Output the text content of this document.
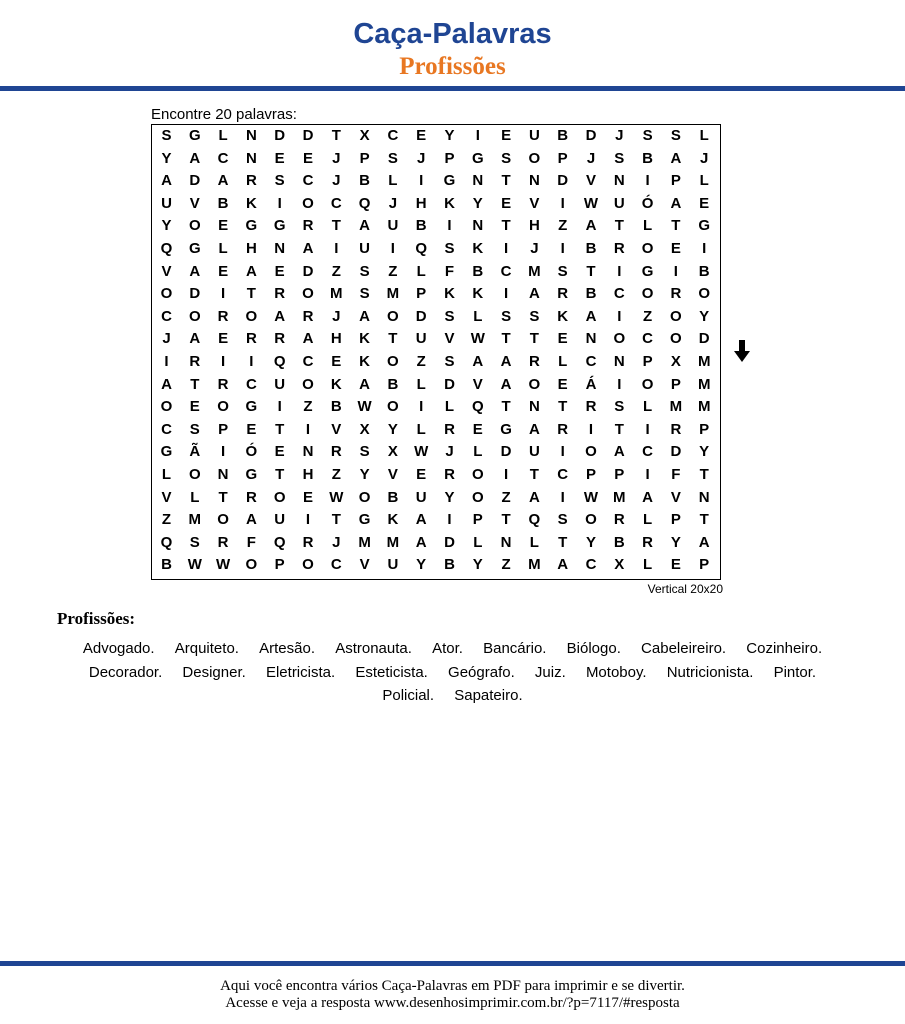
Caça-Palavras
Profissões
Encontre 20 palavras:
S	G	L	N	D	D	T	X	C	E	Y	I	E	U	B	D	J	S	S	L
Y	A	C	N	E	E	J	P	S	J	P	G	S	O	P	J	S	B	A	J
A	D	A	R	S	C	J	B	L	I	G	N	T	N	D	V	N	I	P	L
U	V	B	K	I	O	C	Q	J	H	K	Y	E	V	I	W	U	Ó	A	E
Y	O	E	G	G	R	T	A	U	B	I	N	T	H	Z	A	T	L	T	G
Q	G	L	H	N	A	I	U	I	Q	S	K	I	J	I	B	R	O	E	I
V	A	E	A	E	D	Z	S	Z	L	F	B	C	M	S	T	I	G	I	B
O	D	I	T	R	O	M	S	M	P	K	K	I	A	R	B	C	O	R	O
C	O	R	O	A	R	J	A	O	D	S	L	S	S	K	A	I	Z	O	Y
J	A	E	R	R	A	H	K	T	U	V	W	T	T	E	N	O	C	O	D
I	R	I	I	Q	C	E	K	O	Z	S	A	A	R	L	C	N	P	X	M
A	T	R	C	U	O	K	A	B	L	D	V	A	O	E	Á	I	O	P	M
O	E	O	G	I	Z	B	W	O	I	L	Q	T	N	T	R	S	L	M	M
C	S	P	E	T	I	V	X	Y	L	R	E	G	A	R	I	T	I	R	P
G	Ã	I	Ó	E	N	R	S	X	W	J	L	D	U	I	O	A	C	D	Y
L	O	N	G	T	H	Z	Y	V	E	R	O	I	T	C	P	P	I	F	T
V	L	T	R	O	E	W	O	B	U	Y	O	Z	A	I	W M	A	V	N
Z	M	O	A	U	I	T	G	K	A	I	P	T	Q	S	O	R	L	P	T
Q	S	R	F	Q	R	J	M	M	A	D	L	N	L	T	Y	B	R	Y	A
B	W W	O	P	O	C	V	U	Y	B	Y	Z	M	A	C	X	L	E	P
Vertical 20x20
Profissões:
Advogado. Arquiteto. Artesão. Astronauta. Ator. Bancário. Biólogo. Cabeleireiro. Cozinheiro. Decorador. Designer. Eletricista. Esteticista. Geógrafo. Juiz. Motoboy. Nutricionista. Pintor. Policial. Sapateiro.
Aqui você encontra vários Caça-Palavras em PDF para imprimir e se divertir.
Acesse e veja a resposta www.desenhosimprimir.com.br/?p=7117/#resposta
